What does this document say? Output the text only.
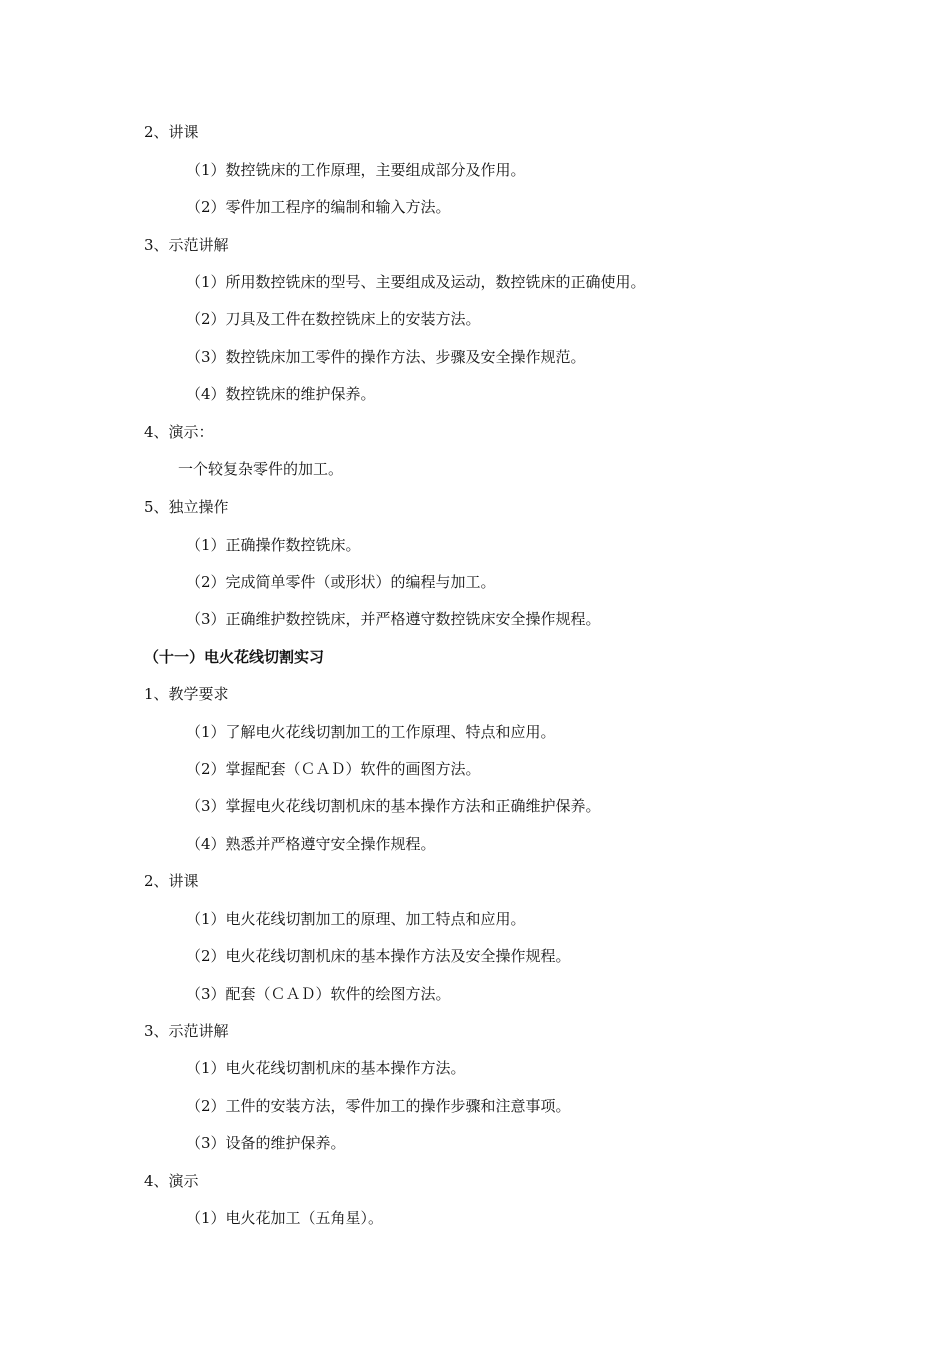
2、讲课
（1）数控铣床的工作原理，主要组成部分及作用。
（2）零件加工程序的编制和输入方法。
3、示范讲解
（1）所用数控铣床的型号、主要组成及运动，数控铣床的正确使用。
（2）刀具及工件在数控铣床上的安装方法。
（3）数控铣床加工零件的操作方法、步骤及安全操作规范。
（4）数控铣床的维护保养。
4、演示：
一个较复杂零件的加工。
5、独立操作
（1）正确操作数控铣床。
（2）完成简单零件（或形状）的编程与加工。
（3）正确维护数控铣床，并严格遵守数控铣床安全操作规程。
（十一）电火花线切割实习
1、教学要求
（1）了解电火花线切割加工的工作原理、特点和应用。
（2）掌握配套（ＣＡＤ）软件的画图方法。
（3）掌握电火花线切割机床的基本操作方法和正确维护保养。
（4）熟悉并严格遵守安全操作规程。
2、讲课
（1）电火花线切割加工的原理、加工特点和应用。
（2）电火花线切割机床的基本操作方法及安全操作规程。
（3）配套（ＣＡＤ）软件的绘图方法。
3、示范讲解
（1）电火花线切割机床的基本操作方法。
（2）工件的安装方法，零件加工的操作步骤和注意事项。
（3）设备的维护保养。
4、演示
（1）电火花加工（五角星）。
